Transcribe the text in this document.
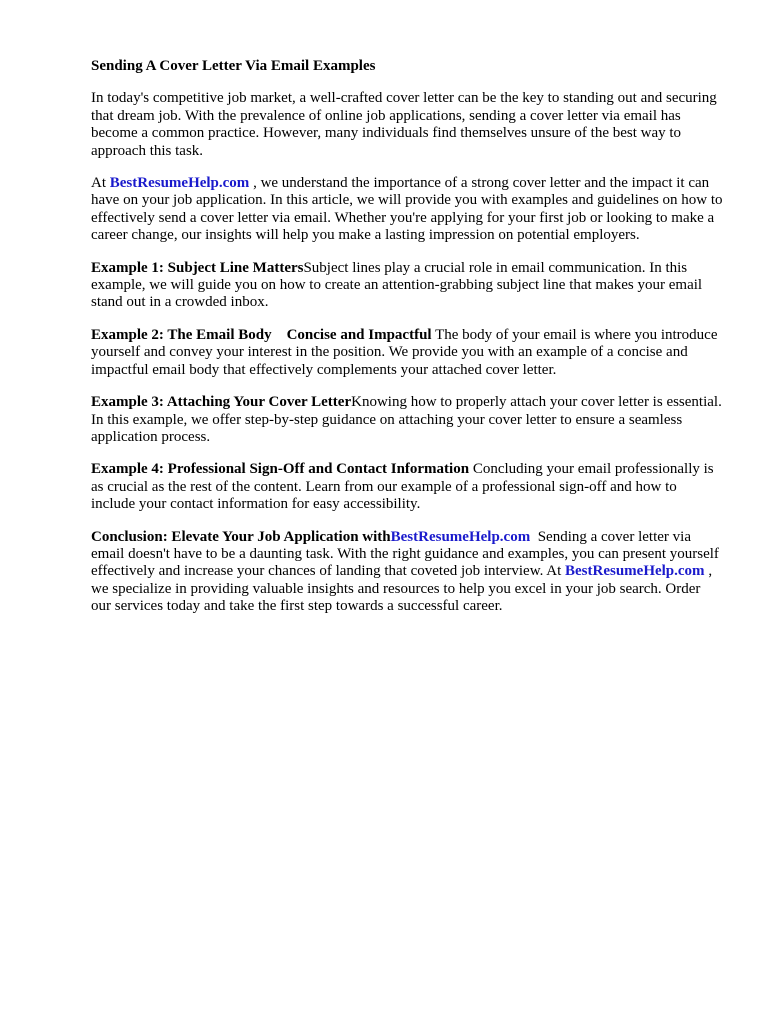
Sending A Cover Letter Via Email Examples

In today's competitive job market, a well-crafted cover letter can be the key to standing out and securing that dream job. With the prevalence of online job applications, sending a cover letter via email has become a common practice. However, many individuals find themselves unsure of the best way to approach this task.

At BestResumeHelp.com , we understand the importance of a strong cover letter and the impact it can have on your job application. In this article, we will provide you with examples and guidelines on how to effectively send a cover letter via email. Whether you're applying for your first job or looking to make a career change, our insights will help you make a lasting impression on potential employers.

Example 1: Subject Line MattersSubject lines play a crucial role in email communication. In this example, we will guide you on how to create an attention-grabbing subject line that makes your email stand out in a crowded inbox.

Example 2: The Email Body    Concise and Impactful The body of your email is where you introduce yourself and convey your interest in the position. We provide you with an example of a concise and impactful email body that effectively complements your attached cover letter.

Example 3: Attaching Your Cover LetterKnowing how to properly attach your cover letter is essential. In this example, we offer step-by-step guidance on attaching your cover letter to ensure a seamless application process.

Example 4: Professional Sign-Off and Contact Information Concluding your email professionally is as crucial as the rest of the content. Learn from our example of a professional sign-off and how to include your contact information for easy accessibility.

Conclusion: Elevate Your Job Application withBestResumeHelp.com  Sending a cover letter via email doesn't have to be a daunting task. With the right guidance and examples, you can present yourself effectively and increase your chances of landing that coveted job interview. At BestResumeHelp.com , we specialize in providing valuable insights and resources to help you excel in your job search. Order our services today and take the first step towards a successful career.
